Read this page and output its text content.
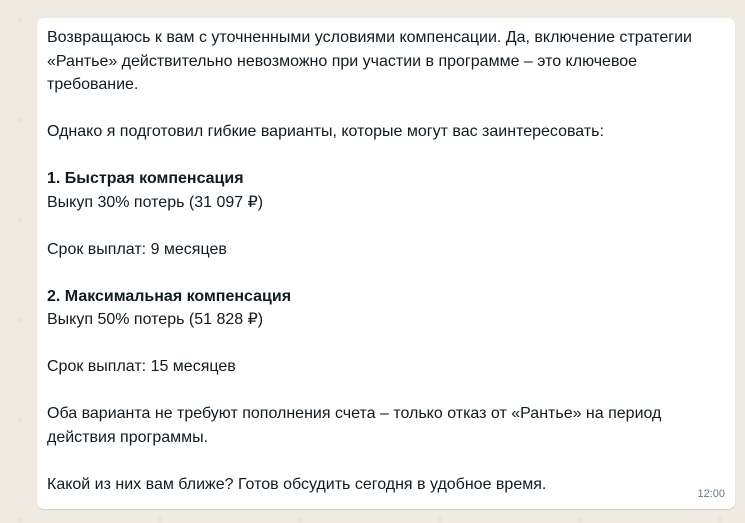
Возвращаюсь к вам с уточненными условиями компенсации. Да, включение стратегии «Рантье» действительно невозможно при участии в программе – это ключевое требование.

Однако я подготовил гибкие варианты, которые могут вас заинтересовать:

1. Быстрая компенсация

Выкуп 30% потерь (31 097 ₽)

Срок выплат: 9 месяцев

2. Максимальная компенсация

Выкуп 50% потерь (51 828 ₽)

Срок выплат: 15 месяцев

Оба варианта не требуют пополнения счета – только отказ от «Рантье» на период действия программы.

Какой из них вам ближе? Готов обсудить сегодня в удобное время.

12:00
